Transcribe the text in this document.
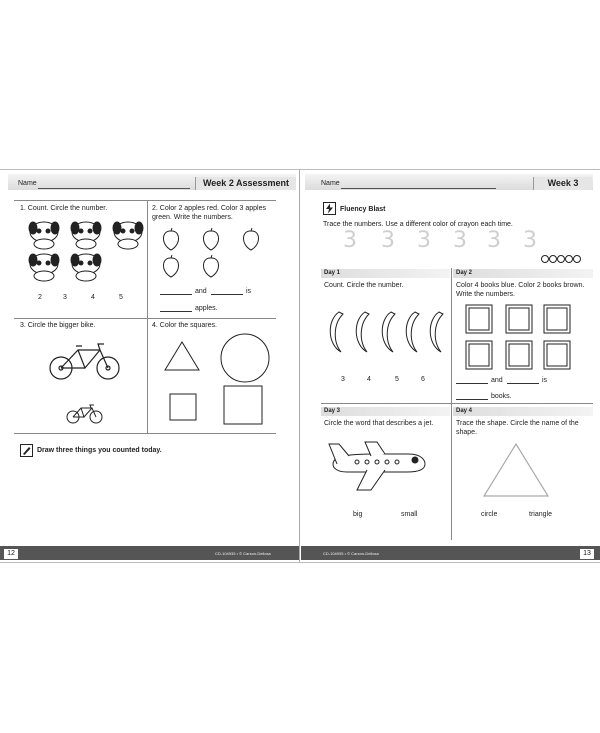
Name	Week 2 Assessment
1. Count. Circle the number.
2	3	4	5
2. Color 2 apples red. Color 3 apples green. Write the numbers.
and	is
apples.
3. Circle the bigger bike.	4. Color the squares.
Draw three things you counted today.
12	CD-104935 • © Carson-Dellosa
Name	Week 3
Fluency Blast
Trace the numbers. Use a different color of crayon each time.
3 3 3 3 3 3
Day 1
Count. Circle the number.
3	4	5	6
Day 2
Color 4 books blue. Color 2 books brown. Write the numbers.
and	is
books.
Day 3
Circle the word that describes a jet.
big	small
Day 4
Trace the shape. Circle the name of the shape.
circle	triangle
CD-104935 • © Carson-Dellosa	13
